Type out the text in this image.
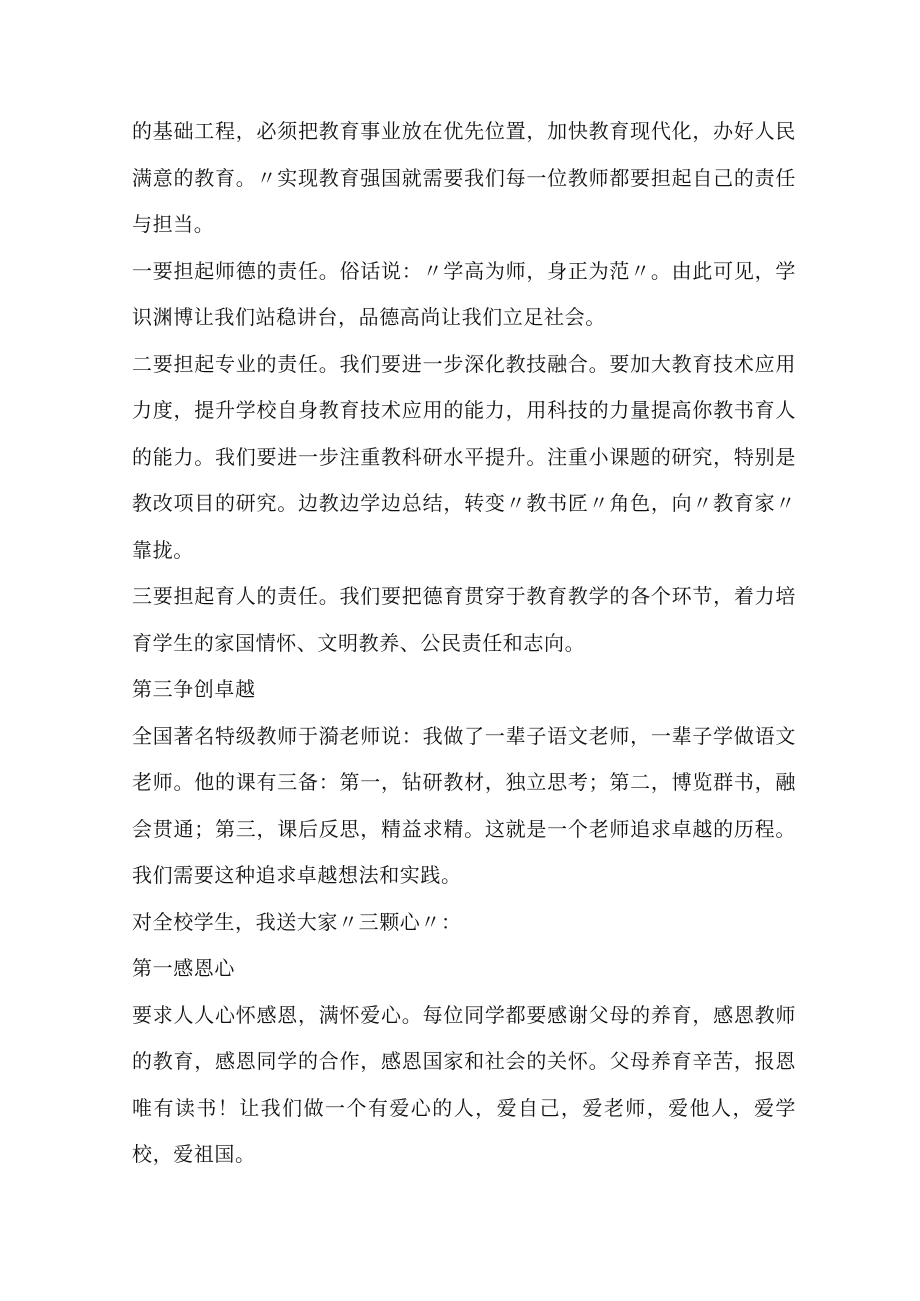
的基础工程，必须把教育事业放在优先位置，加快教育现代化，办好人民满意的教育。〃实现教育强国就需要我们每一位教师都要担起自己的责任与担当。

一要担起师德的责任。俗话说：〃学高为师，身正为范〃。由此可见，学识渊博让我们站稳讲台，品德高尚让我们立足社会。

二要担起专业的责任。我们要进一步深化教技融合。要加大教育技术应用力度，提升学校自身教育技术应用的能力，用科技的力量提高你教书育人的能力。我们要进一步注重教科研水平提升。注重小课题的研究，特别是教改项目的研究。边教边学边总结，转变〃教书匠〃角色，向〃教育家〃靠拢。

三要担起育人的责任。我们要把德育贯穿于教育教学的各个环节，着力培育学生的家国情怀、文明教养、公民责任和志向。

第三争创卓越

全国著名特级教师于漪老师说：我做了一辈子语文老师，一辈子学做语文老师。他的课有三备：第一，钻研教材，独立思考；第二，博览群书，融会贯通；第三，课后反思，精益求精。这就是一个老师追求卓越的历程。我们需要这种追求卓越想法和实践。

对全校学生，我送大家〃三颗心〃：

第一感恩心

要求人人心怀感恩，满怀爱心。每位同学都要感谢父母的养育，感恩教师的教育，感恩同学的合作，感恩国家和社会的关怀。父母养育辛苦，报恩唯有读书！让我们做一个有爱心的人，爱自己，爱老师，爱他人，爱学校，爱祖国。
